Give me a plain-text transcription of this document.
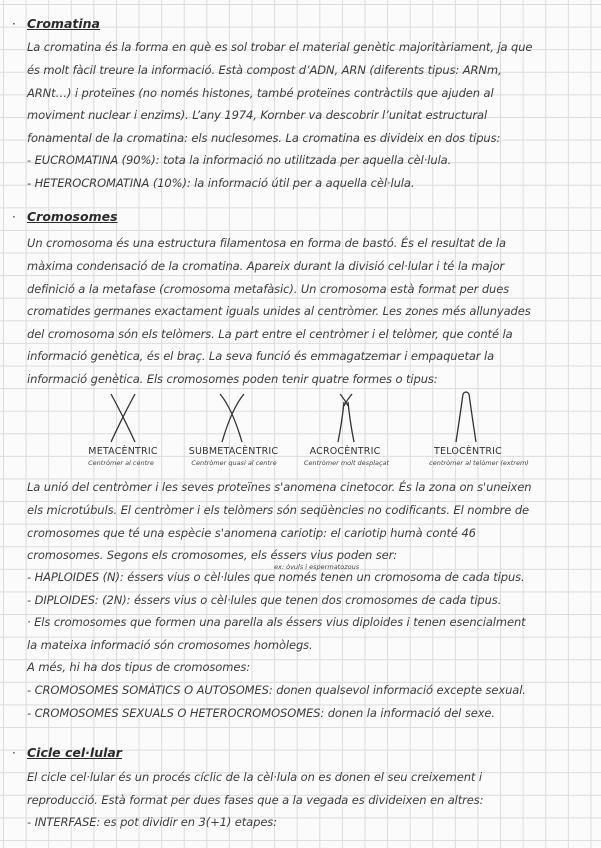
· Cromatina
La cromatina és la forma en què es sol trobar el material genètic majoritàriament, ja que
és molt fàcil treure la informació. Està compost d’ADN, ARN (diferents tipus: ARNm,
ARNt…) i proteïnes (no només histones, també proteïnes contràctils que ajuden al
moviment nuclear i enzims). L’any 1974, Kornber va descobrir l’unitat estructural
fonamental de la cromatina: els nuclesomes. La cromatina es divideix en dos tipus:
- EUCROMATINA (90%): tota la informació no utilitzada per aquella cèl·lula.
- HETEROCROMATINA (10%): la informació útil per a aquella cèl·lula.
· Cromosomes
Un cromosoma és una estructura filamentosa en forma de bastó. És el resultat de la
màxima condensació de la cromatina. Apareix durant la divisió cel·lular i té la major
definició a la metafase (cromosoma metafàsic). Un cromosoma està format per dues
cromatides germanes exactament iguals unides al centròmer. Les zones més allunyades
del cromosoma són els telòmers. La part entre el centròmer i el telòmer, que conté la
informació genètica, és el braç. La seva funció és emmagatzemar i empaquetar la
informació genètica. Els cromosomes poden tenir quatre formes o tipus:
METACÈNTRIC
Centròmer al centre
SUBMETACÈNTRIC
Centròmer quasi al centre
ACROCÈNTRIC
Centròmer molt desplaçat
TELOCÈNTRIC
centròmer al telòmer (extrem)
La unió del centròmer i les seves proteïnes s'anomena cinetocor. És la zona on s'uneixen
els microtúbuls. El centròmer i els telòmers són seqüències no codificants. El nombre de
cromosomes que té una espècie s'anomena cariotip: el cariotip humà conté 46
cromosomes. Segons els cromosomes, els éssers vius poden ser:
ex: òvuls i espermatozous
- HAPLOIDES (N): éssers vius o cèl·lules que només tenen un cromosoma de cada tipus.
- DIPLOIDES: (2N): éssers vius o cèl·lules que tenen dos cromosomes de cada tipus.
· Els cromosomes que formen una parella als éssers vius diploides i tenen esencialment
la mateixa informació són cromosomes homòlegs.
A més, hi ha dos tipus de cromosomes:
- CROMOSOMES SOMÀTICS O AUTOSOMES: donen qualsevol informació excepte sexual.
- CROMOSOMES SEXUALS O HETEROCROMOSOMES: donen la informació del sexe.
· Cicle cel·lular
El cicle cel·lular és un procés cíclic de la cèl·lula on es donen el seu creixement i
reproducció. Està format per dues fases que a la vegada es divideixen en altres:
- INTERFASE: es pot dividir en 3(+1) etapes:
